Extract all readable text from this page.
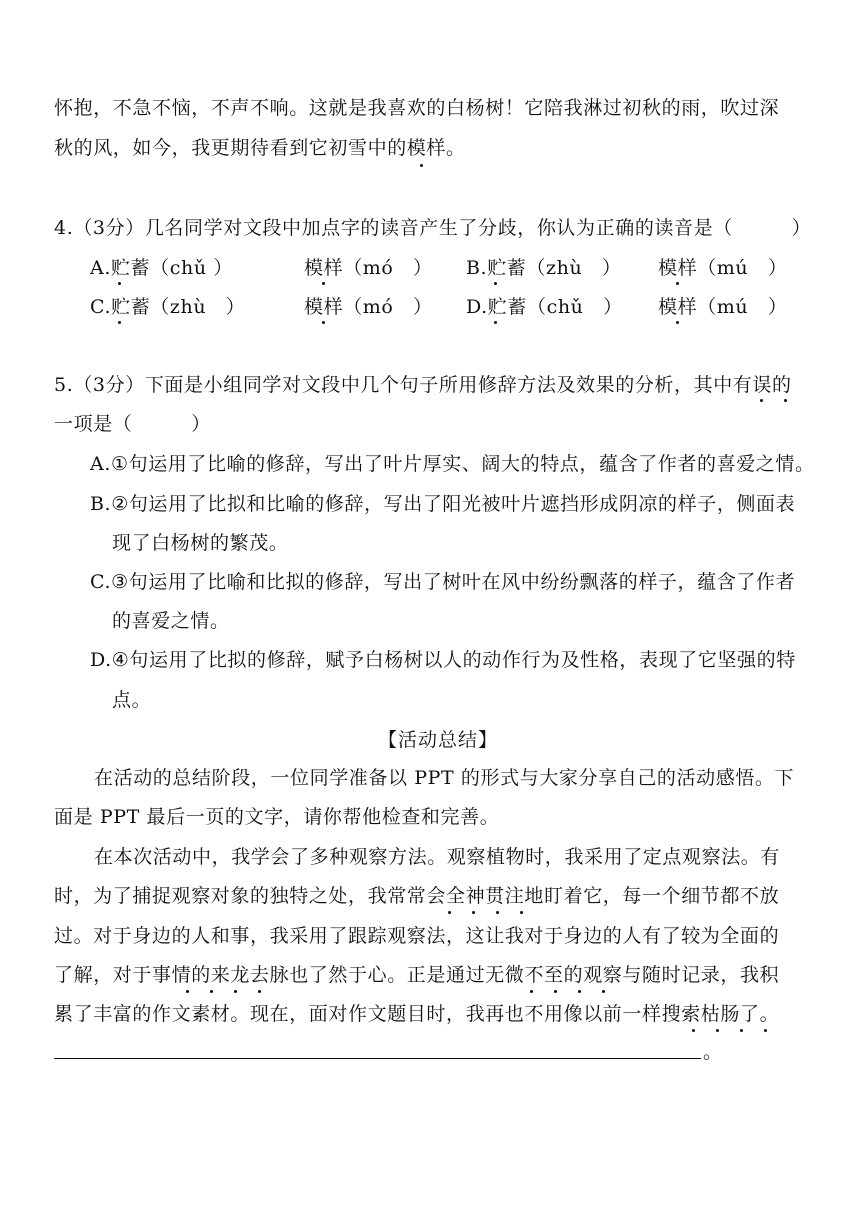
怀抱，不急不恼，不声不响。这就是我喜欢的白杨树！它陪我淋过初秋的雨，吹过深
秋的风，如今，我更期待看到它初雪中的模样。
4.（3分）几名同学对文段中加点字的读音产生了分歧，你认为正确的读音是（　　　）
A.贮蓄（chǔ ）	模样（mó　） B.贮蓄（zhù　） 模样（mú　）
C.贮蓄（zhù　）	模样（mó　） D.贮蓄（chǔ　） 模样（mú　）
5.（3分）下面是小组同学对文段中几个句子所用修辞方法及效果的分析，其中有误的
一项是（　　　）
A.①句运用了比喻的修辞，写出了叶片厚实、阔大的特点，蕴含了作者的喜爱之情。
B.②句运用了比拟和比喻的修辞，写出了阳光被叶片遮挡形成阴凉的样子，侧面表
现了白杨树的繁茂。
C.③句运用了比喻和比拟的修辞，写出了树叶在风中纷纷飘落的样子，蕴含了作者
的喜爱之情。
D.④句运用了比拟的修辞，赋予白杨树以人的动作行为及性格，表现了它坚强的特
点。
【活动总结】
在活动的总结阶段，一位同学准备以 PPT 的形式与大家分享自己的活动感悟。下
面是 PPT 最后一页的文字，请你帮他检查和完善。
在本次活动中，我学会了多种观察方法。观察植物时，我采用了定点观察法。有
时，为了捕捉观察对象的独特之处，我常常会全神贯注地盯着它，每一个细节都不放
过。对于身边的人和事，我采用了跟踪观察法，这让我对于身边的人有了较为全面的
了解，对于事情的来龙去脉也了然于心。正是通过无微不至的观察与随时记录，我积
累了丰富的作文素材。现在，面对作文题目时，我再也不用像以前一样搜索枯肠了。
。
